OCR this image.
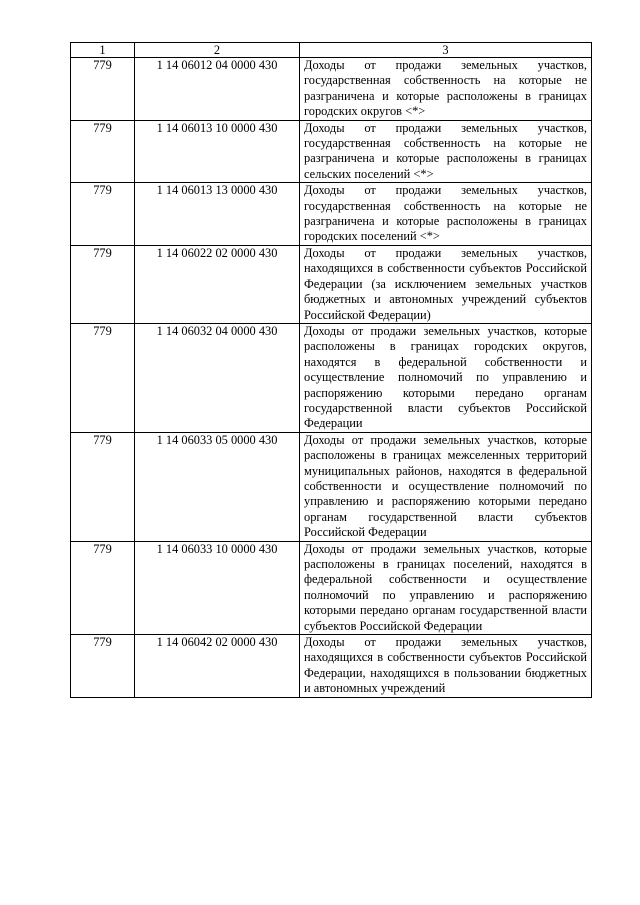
1	2	3
779	1 14 06012 04 0000 430	Доходы от продажи земельных участков, государственная собственность на которые не разграничена и которые расположены в границах городских округов <*>
779	1 14 06013 10 0000 430	Доходы от продажи земельных участков, государственная собственность на которые не разграничена и которые расположены в границах сельских поселений <*>
779	1 14 06013 13 0000 430	Доходы от продажи земельных участков, государственная собственность на которые не разграничена и которые расположены в границах городских поселений <*>
779	1 14 06022 02 0000 430	Доходы от продажи земельных участков, находящихся в собственности субъектов Российской Федерации (за исключением земельных участков бюджетных и автономных учреждений субъектов Российской Федерации)
779	1 14 06032 04 0000 430	Доходы от продажи земельных участков, которые расположены в границах городских округов, находятся в федеральной собственности и осуществление полномочий по управлению и распоряжению которыми передано органам государственной власти субъектов Российской Федерации
779	1 14 06033 05 0000 430	Доходы от продажи земельных участков, которые расположены в границах межселенных территорий муниципальных районов, находятся в федеральной собственности и осуществление полномочий по управлению и распоряжению которыми передано органам государственной власти субъектов Российской Федерации
779	1 14 06033 10 0000 430	Доходы от продажи земельных участков, которые расположены в границах поселений, находятся в федеральной собственности и осуществление полномочий по управлению и распоряжению которыми передано органам государственной власти субъектов Российской Федерации
779	1 14 06042 02 0000 430	Доходы от продажи земельных участков, находящихся в собственности субъектов Российской Федерации, находящихся в пользовании бюджетных и автономных учреждений
